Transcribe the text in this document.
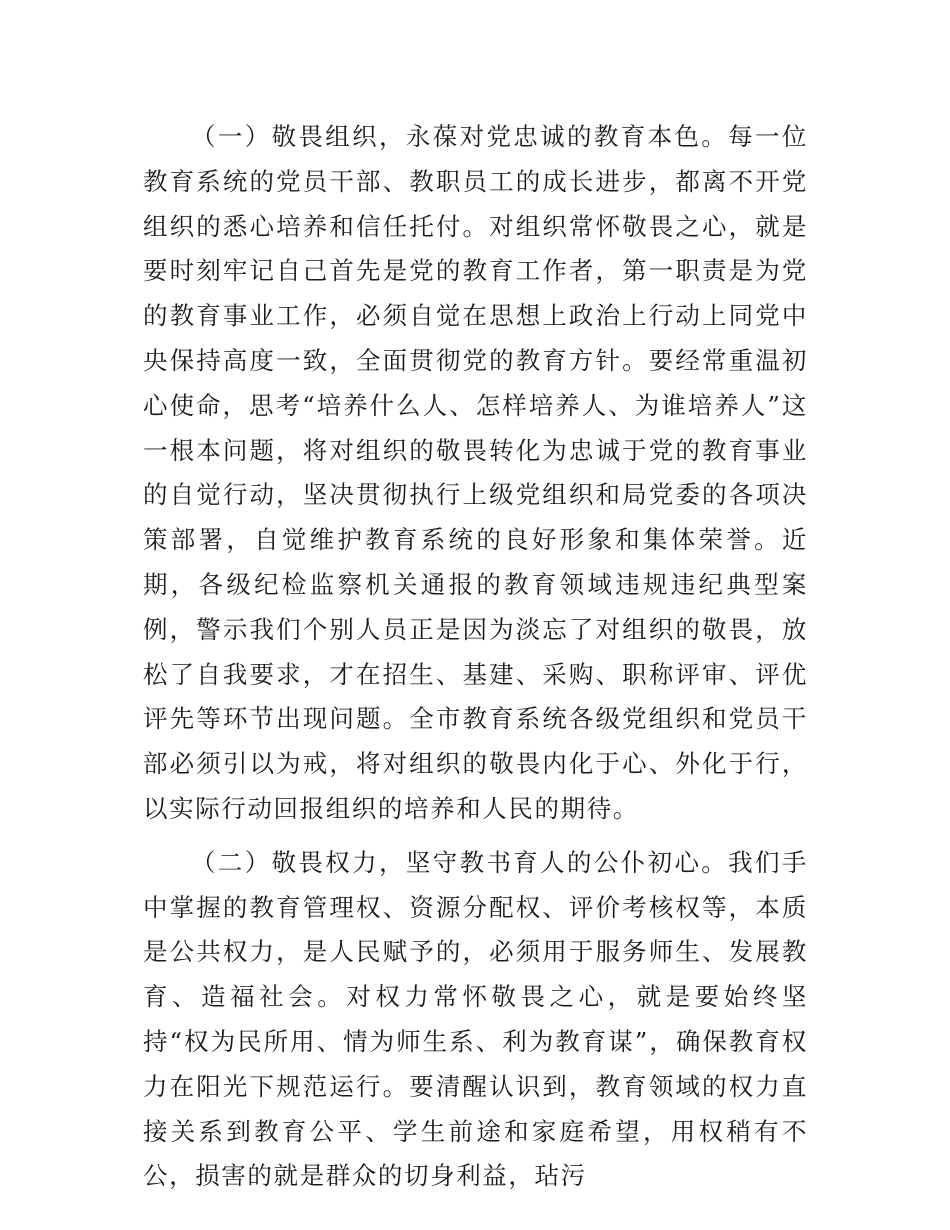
（一）敬畏组织，永葆对党忠诚的教育本色。每一位教育系统的党员干部、教职员工的成长进步，都离不开党组织的悉心培养和信任托付。对组织常怀敬畏之心，就是要时刻牢记自己首先是党的教育工作者，第一职责是为党的教育事业工作，必须自觉在思想上政治上行动上同党中央保持高度一致，全面贯彻党的教育方针。要经常重温初心使命，思考“培养什么人、怎样培养人、为谁培养人”这一根本问题，将对组织的敬畏转化为忠诚于党的教育事业的自觉行动，坚决贯彻执行上级党组织和局党委的各项决策部署，自觉维护教育系统的良好形象和集体荣誉。近期，各级纪检监察机关通报的教育领域违规违纪典型案例，警示我们个别人员正是因为淡忘了对组织的敬畏，放松了自我要求，才在招生、基建、采购、职称评审、评优评先等环节出现问题。全市教育系统各级党组织和党员干部必须引以为戒，将对组织的敬畏内化于心、外化于行，以实际行动回报组织的培养和人民的期待。

（二）敬畏权力，坚守教书育人的公仆初心。我们手中掌握的教育管理权、资源分配权、评价考核权等，本质是公共权力，是人民赋予的，必须用于服务师生、发展教育、造福社会。对权力常怀敬畏之心，就是要始终坚持“权为民所用、情为师生系、利为教育谋”，确保教育权力在阳光下规范运行。要清醒认识到，教育领域的权力直接关系到教育公平、学生前途和家庭希望，用权稍有不公，损害的就是群众的切身利益，玷污
